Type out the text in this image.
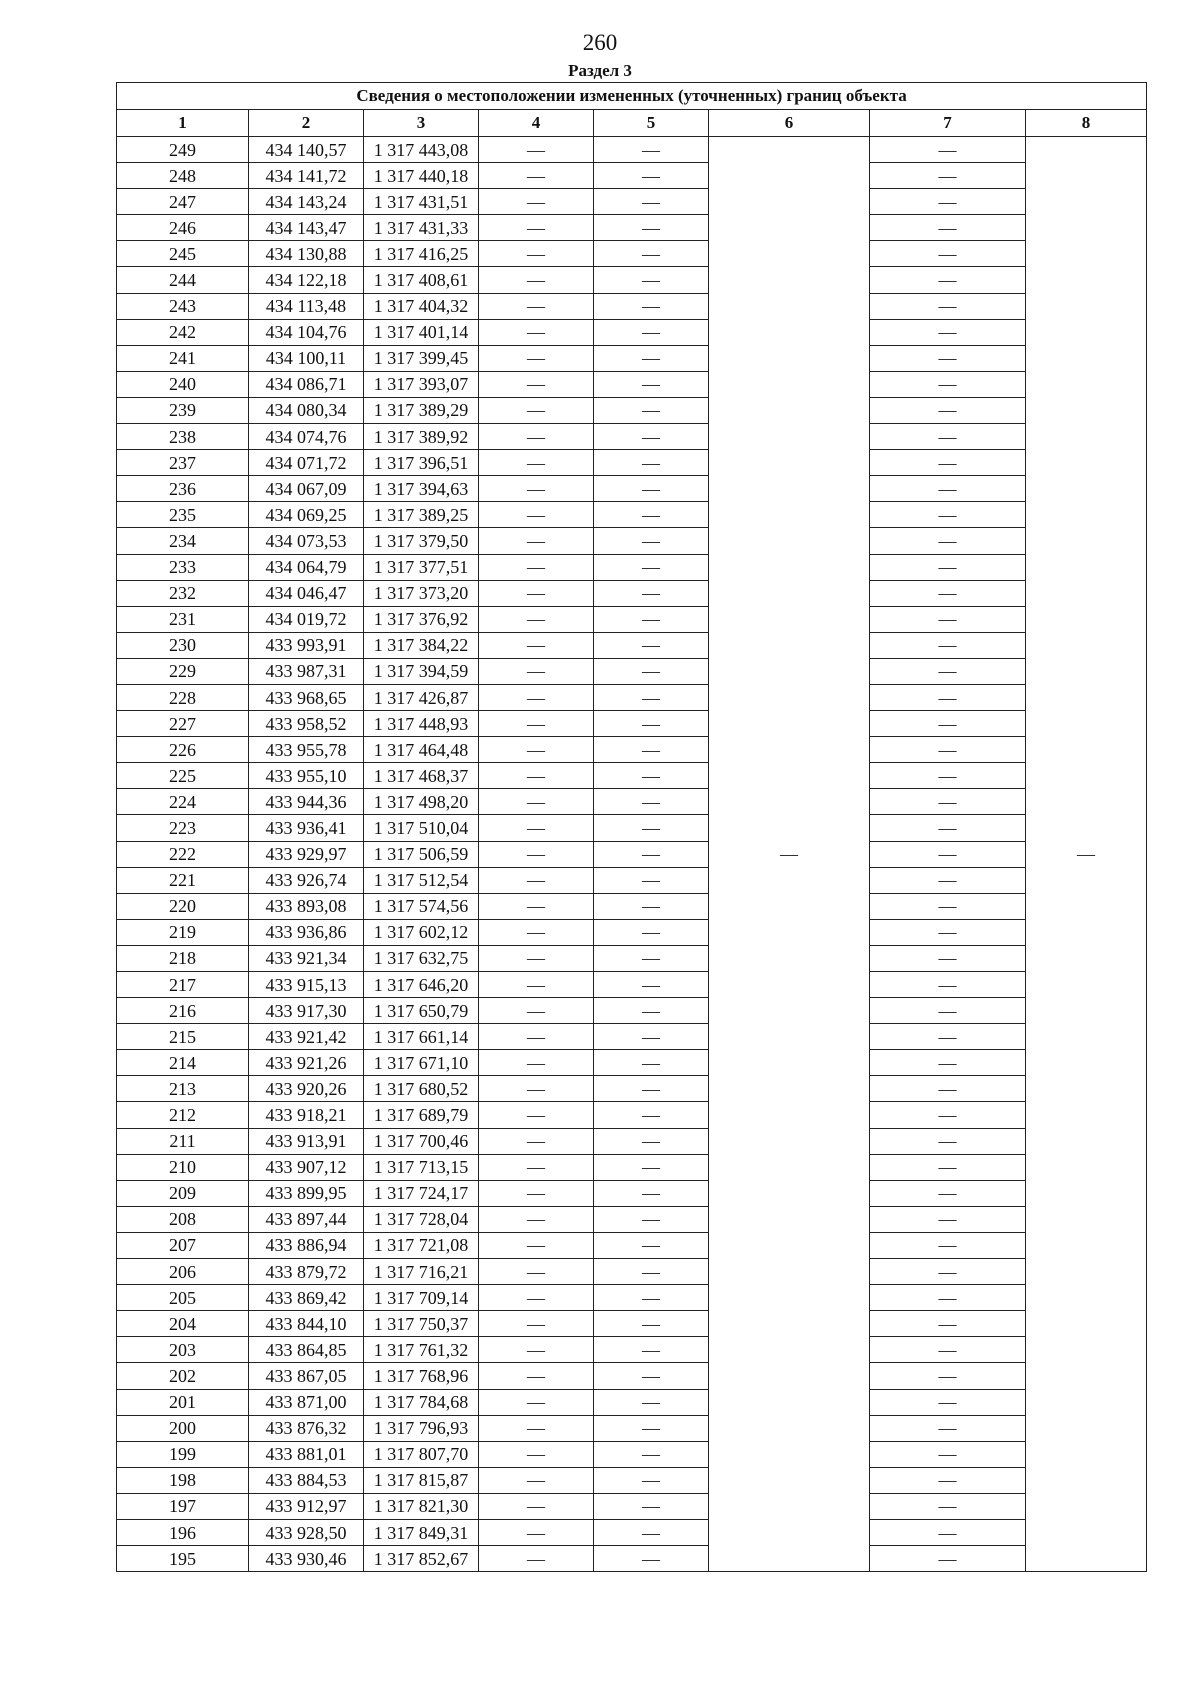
260
Раздел 3
Сведения о местоположении измененных (уточненных) границ объекта							
1	2	3	4	5	6	7	8
249	434 140,57	1 317 443,08	—	—	—	—	—
248	434 141,72	1 317 440,18	—	—		—	
247	434 143,24	1 317 431,51	—	—		—	
246	434 143,47	1 317 431,33	—	—		—	
245	434 130,88	1 317 416,25	—	—		—	
244	434 122,18	1 317 408,61	—	—		—	
243	434 113,48	1 317 404,32	—	—		—	
242	434 104,76	1 317 401,14	—	—		—	
241	434 100,11	1 317 399,45	—	—		—	
240	434 086,71	1 317 393,07	—	—		—	
239	434 080,34	1 317 389,29	—	—		—	
238	434 074,76	1 317 389,92	—	—		—	
237	434 071,72	1 317 396,51	—	—		—	
236	434 067,09	1 317 394,63	—	—		—	
235	434 069,25	1 317 389,25	—	—		—	
234	434 073,53	1 317 379,50	—	—		—	
233	434 064,79	1 317 377,51	—	—		—	
232	434 046,47	1 317 373,20	—	—		—	
231	434 019,72	1 317 376,92	—	—		—	
230	433 993,91	1 317 384,22	—	—		—	
229	433 987,31	1 317 394,59	—	—		—	
228	433 968,65	1 317 426,87	—	—		—	
227	433 958,52	1 317 448,93	—	—		—	
226	433 955,78	1 317 464,48	—	—		—	
225	433 955,10	1 317 468,37	—	—		—	
224	433 944,36	1 317 498,20	—	—		—	
223	433 936,41	1 317 510,04	—	—		—	
222	433 929,97	1 317 506,59	—	—		—	
221	433 926,74	1 317 512,54	—	—		—	
220	433 893,08	1 317 574,56	—	—		—	
219	433 936,86	1 317 602,12	—	—		—	
218	433 921,34	1 317 632,75	—	—		—	
217	433 915,13	1 317 646,20	—	—		—	
216	433 917,30	1 317 650,79	—	—		—	
215	433 921,42	1 317 661,14	—	—		—	
214	433 921,26	1 317 671,10	—	—		—	
213	433 920,26	1 317 680,52	—	—		—	
212	433 918,21	1 317 689,79	—	—		—	
211	433 913,91	1 317 700,46	—	—		—	
210	433 907,12	1 317 713,15	—	—		—	
209	433 899,95	1 317 724,17	—	—		—	
208	433 897,44	1 317 728,04	—	—		—	
207	433 886,94	1 317 721,08	—	—		—	
206	433 879,72	1 317 716,21	—	—		—	
205	433 869,42	1 317 709,14	—	—		—	
204	433 844,10	1 317 750,37	—	—		—	
203	433 864,85	1 317 761,32	—	—		—	
202	433 867,05	1 317 768,96	—	—		—	
201	433 871,00	1 317 784,68	—	—		—	
200	433 876,32	1 317 796,93	—	—		—	
199	433 881,01	1 317 807,70	—	—		—	
198	433 884,53	1 317 815,87	—	—		—	
197	433 912,97	1 317 821,30	—	—		—	
196	433 928,50	1 317 849,31	—	—		—	
195	433 930,46	1 317 852,67	—	—		—	
